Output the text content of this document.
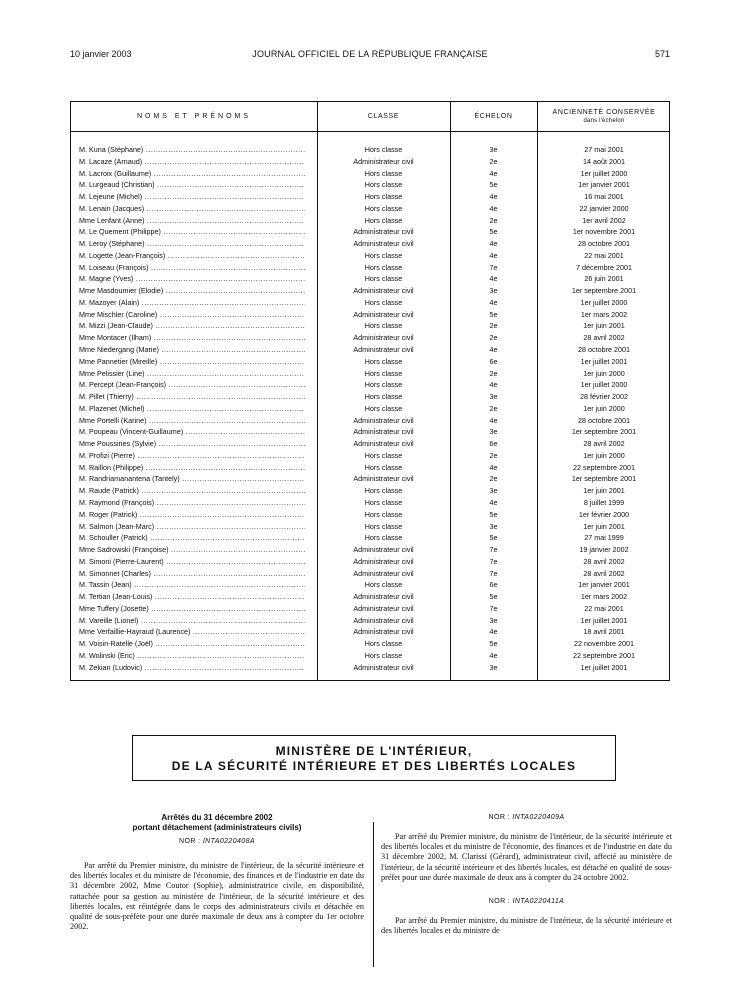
10 janvier 2003	JOURNAL OFFICIEL DE LA RÉPUBLIQUE FRANÇAISE	571
NOMS ET PRÉNOMS	CLASSE	ÉCHELON
ANCIENNETÉ CONSERVÉE
dans l'échelon
M. Kuna (Stéphane) .....	Hors classe	3e	27 mai 2001
M. Lacaze (Arnaud) .....	Administrateur civil	2e	14 août 2001
M. Lacroix (Guillaume) .....	Hors classe	4e	1er juillet 2000
M. Lurgeaud (Christian) .....	Hors classe	5e	1er janvier 2001
M. Lejeune (Michel) .....	Hors classe	4e	16 mai 2001
M. Lenain (Jacques) .....	Hors classe	4e	22 janvier 2000
Mme Lenfant (Anne) .....	Hors classe	2e	1er avril 2002
M. Le Quement (Philippe) .....	Administrateur civil	5e	1er novembre 2001
M. Leroy (Stéphane) .....	Administrateur civil	4e	28 octobre 2001
M. Logette (Jean-François) .....	Hors classe	4e	22 mai 2001
M. Loiseau (François) .....	Hors classe	7e	7 décembre 2001
M. Magne (Yves) .....	Hors classe	4e	26 juin 2001
Mme Masdoumier (Elodie) .....	Administrateur civil	3e	1er septembre 2001
M. Mazoyer (Alain) .....	Hors classe	4e	1er juillet 2000
Mme Mischler (Caroline) .....	Administrateur civil	5e	1er mars 2002
M. Mizzi (Jean-Claude) .....	Hors classe	2e	1er juin 2001
Mme Montacer (Ilham) .....	Administrateur civil	2e	28 avril 2002
Mme Niedergang (Marie) .....	Administrateur civil	4e	28 octobre 2001
Mme Pannetier (Mireille) .....	Hors classe	6e	1er juillet 2001
Mme Pelissier (Line) .....	Hors classe	2e	1er juin 2000
M. Percept (Jean-François) .....	Hors classe	4e	1er juillet 2000
M. Pillet (Thierry) .....	Hors classe	3e	28 février 2002
M. Plazenet (Michel) .....	Hors classe	2e	1er juin 2000
Mme Portelli (Karine) .....	Administrateur civil	4e	28 octobre 2001
M. Poupeau (Vincent-Guillaume) .....	Administrateur civil	3e	1er septembre 2001
Mme Poussines (Sylvie) .....	Administrateur civil	6e	28 avril 2002
M. Profizi (Pierre) .....	Hors classe	2e	1er juin 2000
M. Raillon (Philippe) .....	Hors classe	4e	22 septembre 2001
M. Randriamanantena (Tantely) .....	Administrateur civil	2e	1er septembre 2001
M. Raude (Patrick) .....	Hors classe	3e	1er juin 2001
M. Raymond (François) .....	Hors classe	4e	8 juillet 1999
M. Roger (Patrick) .....	Hors classe	5e	1er février 2000
M. Salmon (Jean-Marc) .....	Hors classe	3e	1er juin 2001
M. Schouller (Patrick) .....	Hors classe	5e	27 mai 1999
Mme Sadrowski (Françoise) .....	Administrateur civil	7e	19 janvier 2002
M. Simoni (Pierre-Laurent) .....	Administrateur civil	7e	28 avril 2002
M. Simonnet (Charles) .....	Administrateur civil	7e	28 avril 2002
M. Tassin (Jean) .....	Hors classe	6e	1er janvier 2001
M. Tertian (Jean-Louis) .....	Administrateur civil	5e	1er mars 2002
Mme Tuffery (Josette) .....	Administrateur civil	7e	22 mai 2001
M. Vareille (Lionel) .....	Administrateur civil	3e	1er juillet 2001
Mme Verfaillie-Hayraud (Laurence) .....	Administrateur civil	4e	18 avril 2001
M. Voisin-Ratelle (Joël) .....	Hors classe	5e	22 novembre 2001
M. Wolinski (Eric) .....	Hors classe	4e	22 septembre 2001
M. Zekian (Ludovic) .....	Administrateur civil	3e	1er juillet 2001
MINISTÈRE DE L'INTÉRIEUR,
DE LA SÉCURITÉ INTÉRIEURE ET DES LIBERTÉS LOCALES
Arrêtés du 31 décembre 2002
portant détachement (administrateurs civils)
NOR : INTA0220408A

Par arrêté du Premier ministre, du ministre de l'intérieur, de la sécurité intérieure et des libertés locales et du ministre de l'économie, des finances et de l'industrie en date du 31 décembre 2002, Mme Coutor (Sophie), administratrice civile, en disponibilité, rattachée pour sa gestion au ministère de l'intérieur, de la sécurité intérieure et des libertés locales, est réintégrée dans le corps des administrateurs civils et détachée en qualité de sous-préfète pour une durée maximale de deux ans à compter du 1er octobre 2002.

NOR : INTA0220409A

Par arrêté du Premier ministre, du ministre de l'intérieur, de la sécurité intérieure et des libertés locales et du ministre de l'économie, des finances et de l'industrie en date du 31 décembre 2002, M. Clarissi (Gérard), administrateur civil, affecté au ministère de l'intérieur, de la sécurité intérieure et des libertés locales, est détaché en qualité de sous-préfet pour une durée maximale de deux ans à compter du 24 octobre 2002.

NOR : INTA0220411A

Par arrêté du Premier ministre, du ministre de l'intérieur, de la sécurité intérieure et des libertés locales et du ministre de
